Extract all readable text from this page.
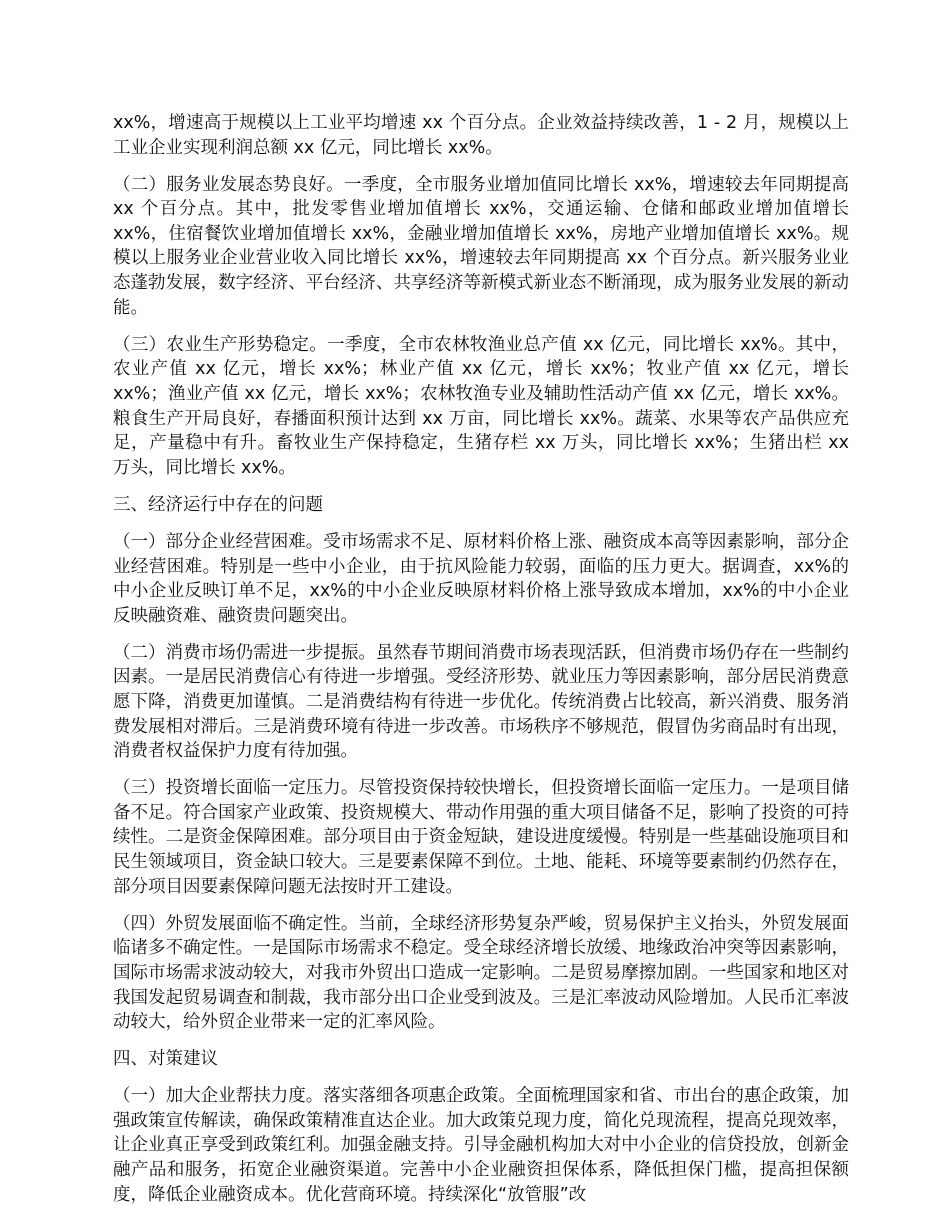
xx%，增速高于规模以上工业平均增速 xx 个百分点。企业效益持续改善，1 - 2 月，规模以上工业企业实现利润总额 xx 亿元，同比增长 xx%。

（二）服务业发展态势良好。一季度，全市服务业增加值同比增长 xx%，增速较去年同期提高 xx 个百分点。其中，批发零售业增加值增长 xx%，交通运输、仓储和邮政业增加值增长 xx%，住宿餐饮业增加值增长 xx%，金融业增加值增长 xx%，房地产业增加值增长 xx%。规模以上服务业企业营业收入同比增长 xx%，增速较去年同期提高 xx 个百分点。新兴服务业业态蓬勃发展，数字经济、平台经济、共享经济等新模式新业态不断涌现，成为服务业发展的新动能。

（三）农业生产形势稳定。一季度，全市农林牧渔业总产值 xx 亿元，同比增长 xx%。其中，农业产值 xx 亿元，增长 xx%；林业产值 xx 亿元，增长 xx%；牧业产值 xx 亿元，增长 xx%；渔业产值 xx 亿元，增长 xx%；农林牧渔专业及辅助性活动产值 xx 亿元，增长 xx%。粮食生产开局良好，春播面积预计达到 xx 万亩，同比增长 xx%。蔬菜、水果等农产品供应充足，产量稳中有升。畜牧业生产保持稳定，生猪存栏 xx 万头，同比增长 xx%；生猪出栏 xx 万头，同比增长 xx%。

三、经济运行中存在的问题

（一）部分企业经营困难。受市场需求不足、原材料价格上涨、融资成本高等因素影响，部分企业经营困难。特别是一些中小企业，由于抗风险能力较弱，面临的压力更大。据调查，xx%的中小企业反映订单不足，xx%的中小企业反映原材料价格上涨导致成本增加，xx%的中小企业反映融资难、融资贵问题突出。

（二）消费市场仍需进一步提振。虽然春节期间消费市场表现活跃，但消费市场仍存在一些制约因素。一是居民消费信心有待进一步增强。受经济形势、就业压力等因素影响，部分居民消费意愿下降，消费更加谨慎。二是消费结构有待进一步优化。传统消费占比较高，新兴消费、服务消费发展相对滞后。三是消费环境有待进一步改善。市场秩序不够规范，假冒伪劣商品时有出现，消费者权益保护力度有待加强。

（三）投资增长面临一定压力。尽管投资保持较快增长，但投资增长面临一定压力。一是项目储备不足。符合国家产业政策、投资规模大、带动作用强的重大项目储备不足，影响了投资的可持续性。二是资金保障困难。部分项目由于资金短缺，建设进度缓慢。特别是一些基础设施项目和民生领域项目，资金缺口较大。三是要素保障不到位。土地、能耗、环境等要素制约仍然存在，部分项目因要素保障问题无法按时开工建设。

（四）外贸发展面临不确定性。当前，全球经济形势复杂严峻，贸易保护主义抬头，外贸发展面临诸多不确定性。一是国际市场需求不稳定。受全球经济增长放缓、地缘政治冲突等因素影响，国际市场需求波动较大，对我市外贸出口造成一定影响。二是贸易摩擦加剧。一些国家和地区对我国发起贸易调查和制裁，我市部分出口企业受到波及。三是汇率波动风险增加。人民币汇率波动较大，给外贸企业带来一定的汇率风险。

四、对策建议

（一）加大企业帮扶力度。落实落细各项惠企政策。全面梳理国家和省、市出台的惠企政策，加强政策宣传解读，确保政策精准直达企业。加大政策兑现力度，简化兑现流程，提高兑现效率，让企业真正享受到政策红利。加强金融支持。引导金融机构加大对中小企业的信贷投放，创新金融产品和服务，拓宽企业融资渠道。完善中小企业融资担保体系，降低担保门槛，提高担保额度，降低企业融资成本。优化营商环境。持续深化“放管服”改
